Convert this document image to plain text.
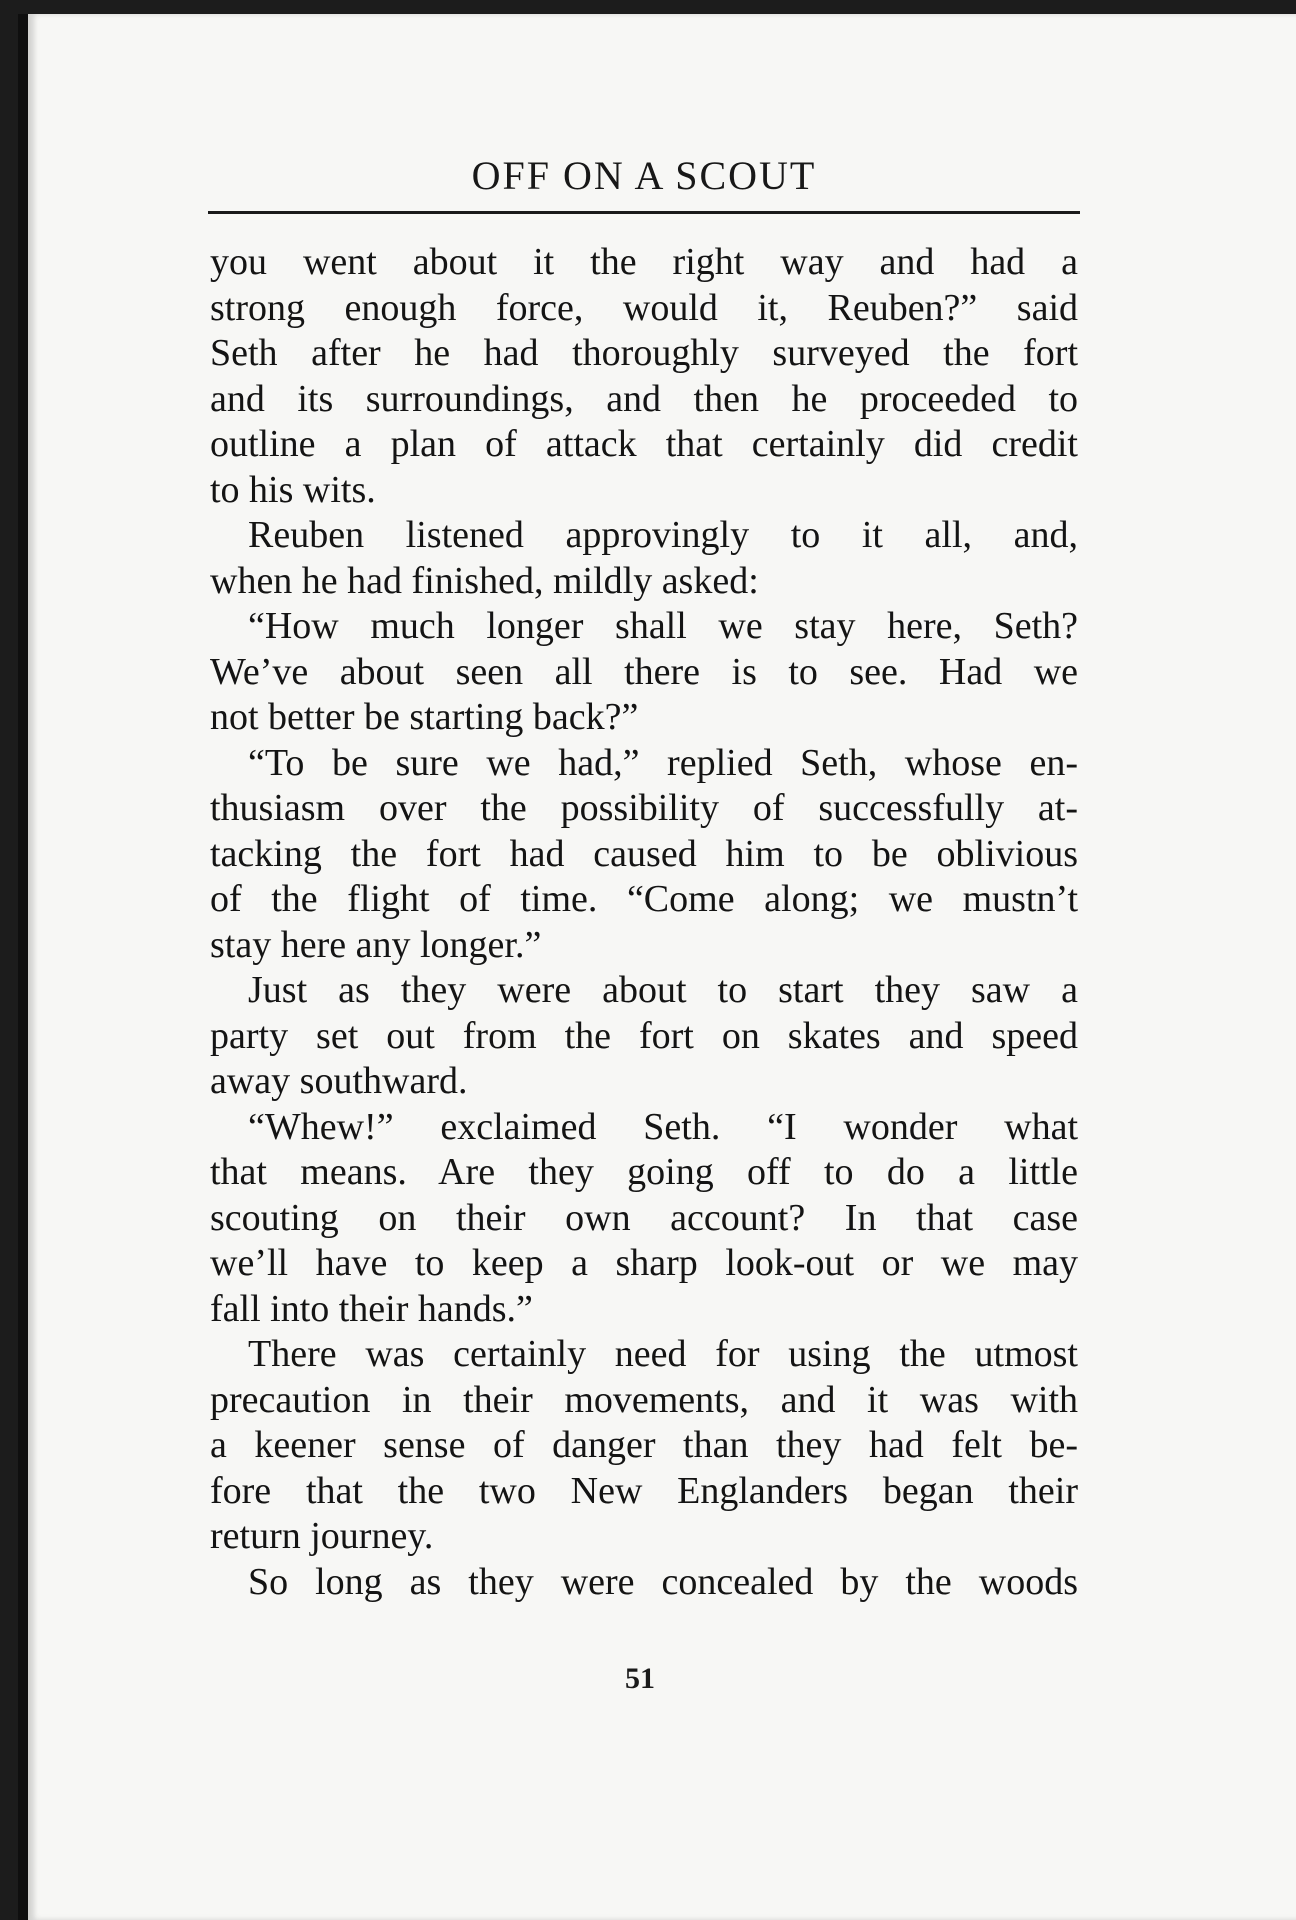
OFF ON A SCOUT
you went about it the right way and had a
strong enough force, would it, Reuben?” said
Seth after he had thoroughly surveyed the fort
and its surroundings, and then he proceeded to
outline a plan of attack that certainly did credit
to his wits.
Reuben listened approvingly to it all, and,
when he had finished, mildly asked:
“How much longer shall we stay here, Seth?
We’ve about seen all there is to see. Had we
not better be starting back?”
“To be sure we had,” replied Seth, whose en-
thusiasm over the possibility of successfully at-
tacking the fort had caused him to be oblivious
of the flight of time. “Come along; we mustn’t
stay here any longer.”
Just as they were about to start they saw a
party set out from the fort on skates and speed
away southward.
“Whew!” exclaimed Seth. “I wonder what
that means. Are they going off to do a little
scouting on their own account? In that case
we’ll have to keep a sharp look-out or we may
fall into their hands.”
There was certainly need for using the utmost
precaution in their movements, and it was with
a keener sense of danger than they had felt be-
fore that the two New Englanders began their
return journey.
So long as they were concealed by the woods
51
